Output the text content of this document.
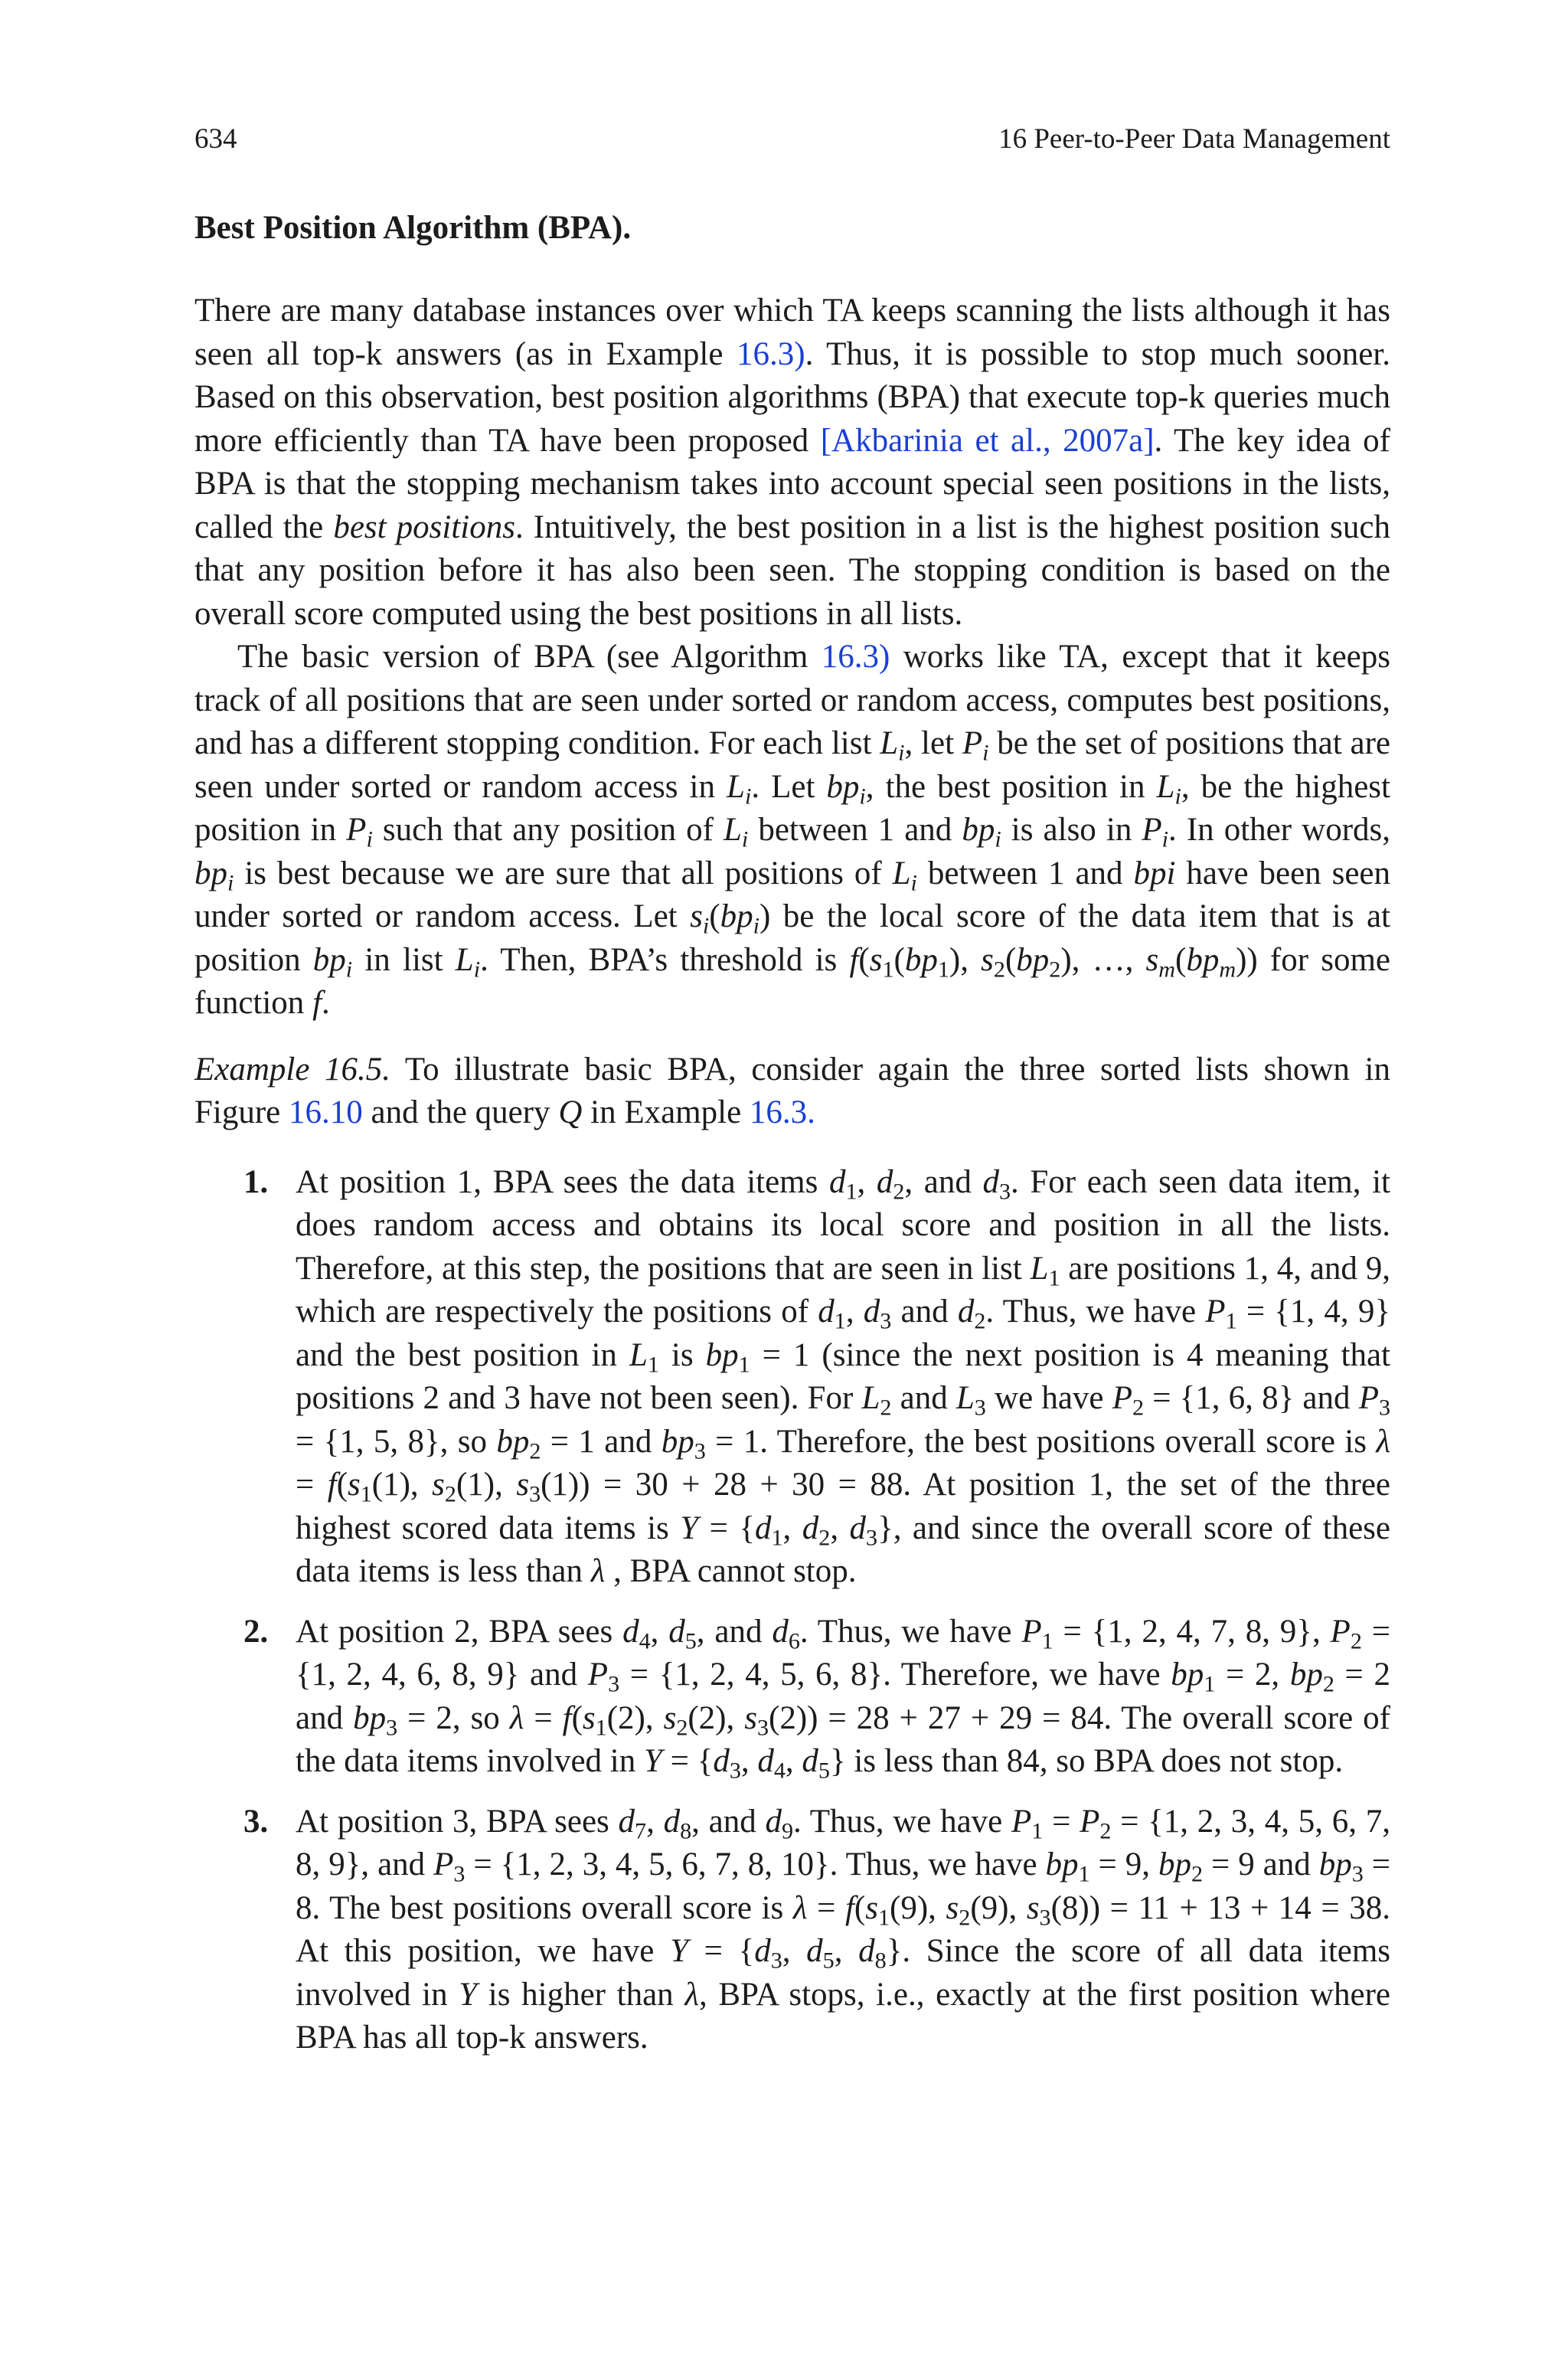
634	16 Peer-to-Peer Data Management
Best Position Algorithm (BPA).

There are many database instances over which TA keeps scanning the lists although it has seen all top-k answers (as in Example 16.3). Thus, it is possible to stop much sooner. Based on this observation, best position algorithms (BPA) that execute top-k queries much more efficiently than TA have been proposed [Akbarinia et al., 2007a]. The key idea of BPA is that the stopping mechanism takes into account special seen positions in the lists, called the best positions. Intuitively, the best position in a list is the highest position such that any position before it has also been seen. The stopping condition is based on the overall score computed using the best positions in all lists.

The basic version of BPA (see Algorithm 16.3) works like TA, except that it keeps track of all positions that are seen under sorted or random access, computes best positions, and has a different stopping condition. For each list $L_i$, let $P_i$ be the set of positions that are seen under sorted or random access in $L_i$. Let $bp_i$, the best position in $L_i$, be the highest position in $P_i$ such that any position of $L_i$ between 1 and $bp_i$ is also in $P_i$. In other words, $bp_i$ is best because we are sure that all positions of $L_i$ between 1 and bpi have been seen under sorted or random access. Let $s_i(bp_i)$ be the local score of the data item that is at position $bp_i$ in list $L_i$. Then, BPA’s threshold is $f(s_1(bp_1)$, $s_2(bp_2)$, …, $s_m(bp_m)$) for some function f.

Example 16.5. To illustrate basic BPA, consider again the three sorted lists shown in Figure 16.10 and the query Q in Example 16.3.

1. At position 1, BPA sees the data items $d_1$, $d_2$, and $d_3$. For each seen data item, it does random access and obtains its local score and position in all the lists. Therefore, at this step, the positions that are seen in list $L_1$ are positions 1, 4, and 9, which are respectively the positions of $d_1$, $d_3$ and $d_2$. Thus, we have $P_1 = \{1$, 4, 9} and the best position in $L_1$ is $bp_1 = 1$ (since the next position is 4 meaning that positions 2 and 3 have not been seen). For $L_2$ and $L_3$ we have $P_2 = \{1$, 6, 8} and $P_3 = \{1$, 5, 8}, so $bp_2 = 1$ and $bp_3 = 1$. Therefore, the best positions overall score is $\lambda = f(s_1(1)$, $s_2(1)$, $s_3(1)) = 30 + 28 + 30 = 88$. At position 1, the set of the three highest scored data items is $Y = \{d_1$, $d_2$, $d_3$}, and since the overall score of these data items is less than λ , BPA cannot stop.

2. At position 2, BPA sees $d_4$, $d_5$, and $d_6$. Thus, we have $P_1 = \{1$, 2, 4, 7, 8, 9}, $P_2 = \{1$, 2, 4, 6, 8, 9} and $P_3 = \{1$, 2, 4, 5, 6, 8}. Therefore, we have $bp_1 = 2$, $bp_2 = 2$ and $bp_3 = 2$, so $\lambda = f(s_1(2)$, $s_2(2)$, $s_3(2)) = 28 + 27 + 29 = 84$. The overall score of the data items involved in $Y = \{d_3$, $d_4$, $d_5$} is less than 84, so BPA does not stop.

3. At position 3, BPA sees $d_7$, $d_8$, and $d_9$. Thus, we have $P_1 = P_2 = \{1$, 2, 3, 4, 5, 6, 7, 8, 9}, and $P_3 = \{1$, 2, 3, 4, 5, 6, 7, 8, 10}. Thus, we have $bp_1 = 9$, $bp_2 = 9$ and $bp_3 = 8$. The best positions overall score is $\lambda = f(s_1(9)$, $s_2(9)$, $s_3(8)) = 11 + 13 + 14 = 38$. At this position, we have $Y = \{d_3$, $d_5$, $d_8$}. Since the score of all data items involved in Y is higher than λ, BPA stops, i.e., exactly at the first position where BPA has all top-k answers.
